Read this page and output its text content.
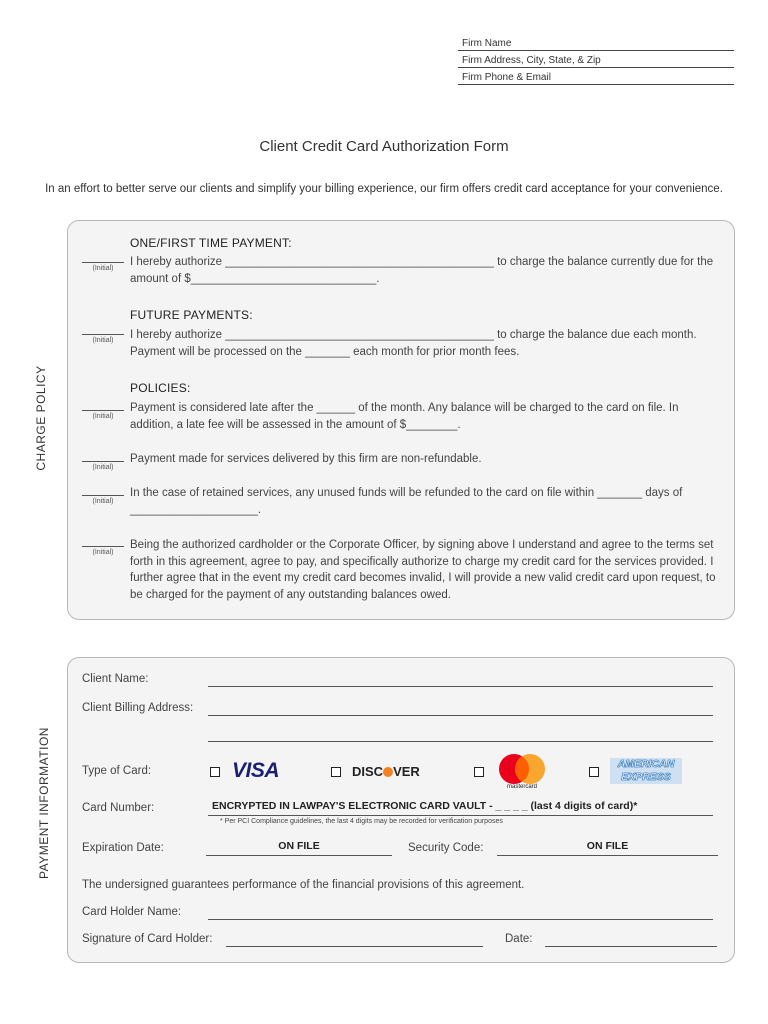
Firm Name
Firm Address, City, State, & Zip
Firm Phone & Email
Client Credit Card Authorization Form
In an effort to better serve our clients and simplify your billing experience, our firm offers credit card acceptance for your convenience.
CHARGE POLICY
ONE/FIRST TIME PAYMENT:
(Initial)
I hereby authorize __________________________________________ to charge the balance currently due for the amount of $_____________________________.
FUTURE PAYMENTS:
(Initial)	I hereby authorize __________________________________________ to charge the balance due each month. Payment will be processed on the _______ each month for prior month fees.
POLICIES:
(Initial)
Payment is considered late after the ______ of the month. Any balance will be charged to the card on file. In addition, a late fee will be assessed in the amount of $________.
(Initial)
Payment made for services delivered by this firm are non-refundable.
(Initial)
In the case of retained services, any unused funds will be refunded to the card on file within _______ days of ____________________.
(Initial)
Being the authorized cardholder or the Corporate Officer, by signing above I understand and agree to the terms set forth in this agreement, agree to pay, and specifically authorize to charge my credit card for the services provided. I further agree that in the event my credit card becomes invalid, I will provide a new valid credit card upon request, to be charged for the payment of any outstanding balances owed.
PAYMENT INFORMATION
Client Name:
Client Billing Address:
Type of Card:	VISA	DISC VER
mastercard
AMERICAN
EXPRESS
Card Number:	ENCRYPTED IN LAWPAY'S ELECTRONIC CARD VAULT - _ _ _ _ (last 4 digits of card)*
* Per PCI Compliance guidelines, the last 4 digits may be recorded for verification purposes
Expiration Date:	ON FILE	Security Code:	ON FILE
The undersigned guarantees performance of the financial provisions of this agreement.
Card Holder Name:
Signature of Card Holder:	Date:
